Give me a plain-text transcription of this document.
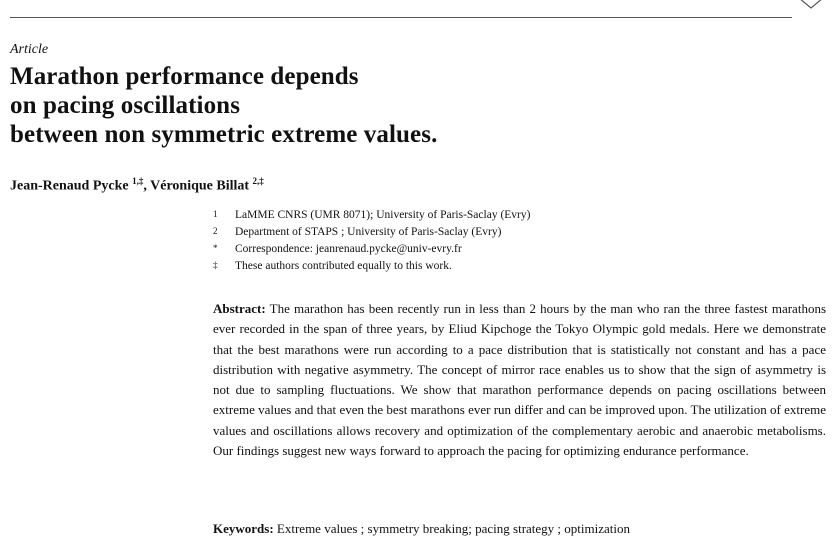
Article
Marathon performance depends
on pacing oscillations
between non symmetric extreme values.
Jean-Renaud Pycke $^{1,\ddagger}$, Véronique Billat $^{2,\ddagger}$
1 LaMME CNRS (UMR 8071); University of Paris-Saclay (Evry)
2 Department of STAPS ; University of Paris-Saclay (Evry)
* Correspondence: jeanrenaud.pycke@univ-evry.fr
‡ These authors contributed equally to this work.
Abstract: The marathon has been recently run in less than 2 hours by the man who ran the three fastest marathons ever recorded in the span of three years, by Eliud Kipchoge the Tokyo Olympic gold medals. Here we demonstrate that the best marathons were run according to a pace distribution that is statistically not constant and has a pace distribution with negative asymmetry. The concept of mirror race enables us to show that the sign of asymmetry is not due to sampling fluctuations. We show that marathon performance depends on pacing oscillations between extreme values and that even the best marathons ever run differ and can be improved upon. The utilization of extreme values and oscillations allows recovery and optimization of the complementary aerobic and anaerobic metabolisms. Our findings suggest new ways forward to approach the pacing for optimizing endurance performance.
Keywords: Extreme values ; symmetry breaking; pacing strategy ; optimization
